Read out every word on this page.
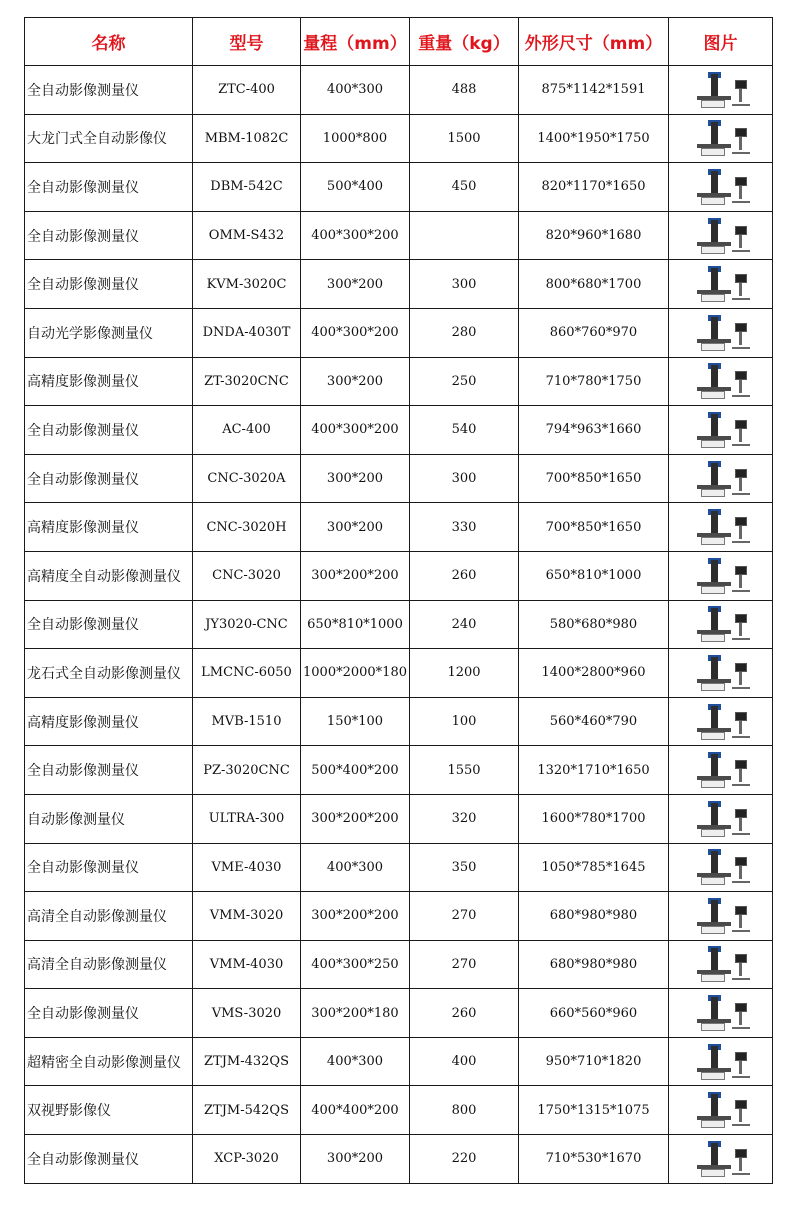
名称	型号	量程（mm）	重量（kg）	外形尺寸（mm）	图片
全自动影像测量仪	ZTC-400	400*300	488	875*1142*1591	

大龙门式全自动影像仪	MBM-1082C	1000*800	1500	1400*1950*1750	

全自动影像测量仪	DBM-542C	500*400	450	820*1170*1650	

全自动影像测量仪	OMM-S432	400*300*200		820*960*1680	

全自动影像测量仪	KVM-3020C	300*200	300	800*680*1700	

自动光学影像测量仪	DNDA-4030T	400*300*200	280	860*760*970	

高精度影像测量仪	ZT-3020CNC	300*200	250	710*780*1750	

全自动影像测量仪	AC-400	400*300*200	540	794*963*1660	

全自动影像测量仪	CNC-3020A	300*200	300	700*850*1650	

高精度影像测量仪	CNC-3020H	300*200	330	700*850*1650	

高精度全自动影像测量仪	CNC-3020	300*200*200	260	650*810*1000	

全自动影像测量仪	JY3020-CNC	650*810*1000	240	580*680*980	

龙石式全自动影像测量仪	LMCNC-6050	1000*2000*180	1200	1400*2800*960	

高精度影像测量仪	MVB-1510	150*100	100	560*460*790	

全自动影像测量仪	PZ-3020CNC	500*400*200	1550	1320*1710*1650	

自动影像测量仪	ULTRA-300	300*200*200	320	1600*780*1700	

全自动影像测量仪	VME-4030	400*300	350	1050*785*1645	

高清全自动影像测量仪	VMM-3020	300*200*200	270	680*980*980	

高清全自动影像测量仪	VMM-4030	400*300*250	270	680*980*980	

全自动影像测量仪	VMS-3020	300*200*180	260	660*560*960	

超精密全自动影像测量仪	ZTJM-432QS	400*300	400	950*710*1820	

双视野影像仪	ZTJM-542QS	400*400*200	800	1750*1315*1075	

全自动影像测量仪	XCP-3020	300*200	220	710*530*1670	
